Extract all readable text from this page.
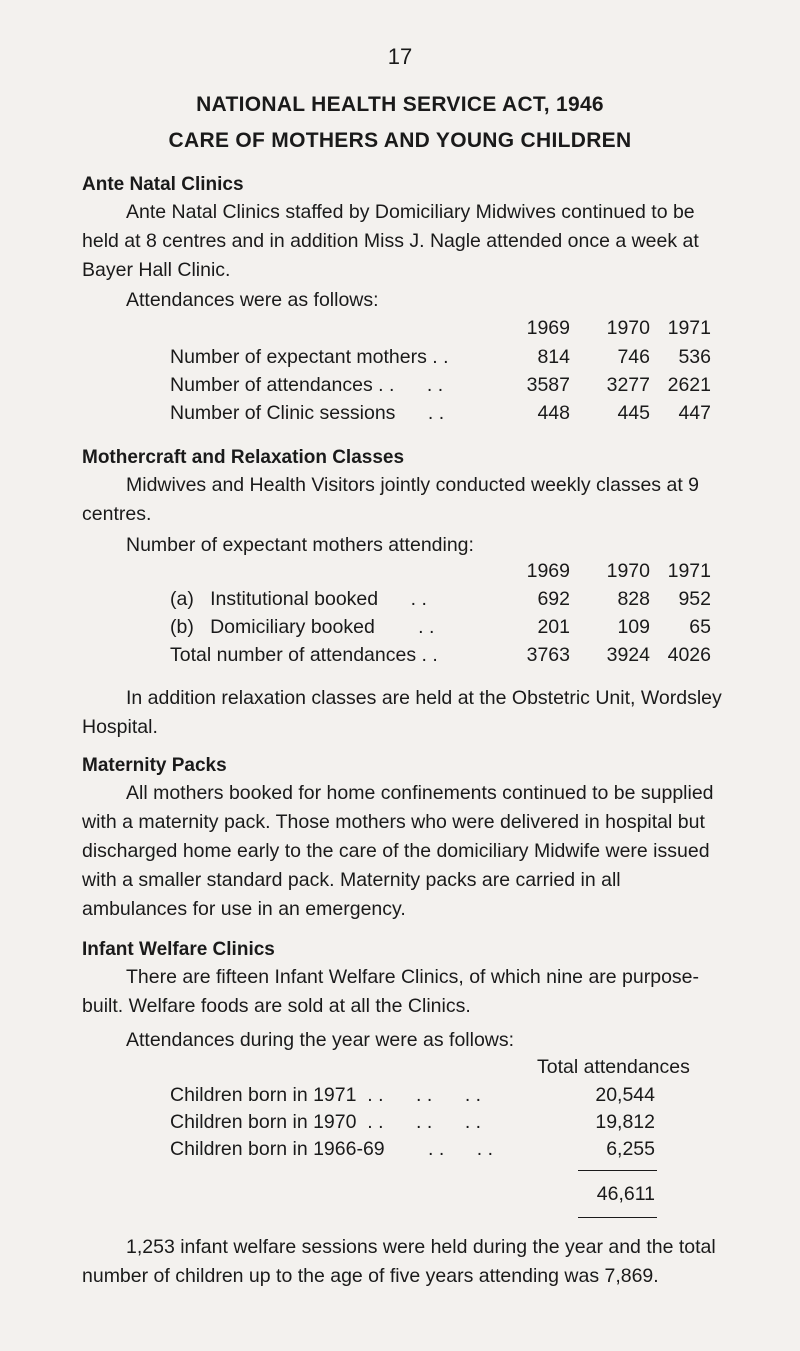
17
NATIONAL HEALTH SERVICE ACT, 1946
CARE OF MOTHERS AND YOUNG CHILDREN
Ante Natal Clinics
Ante Natal Clinics staffed by Domiciliary Midwives continued to be held at 8 centres and in addition Miss J. Nagle attended once a week at Bayer Hall Clinic.
Attendances were as follows:
1969	1970 1971
Number of expectant mothers . .	814	746	536
Number of attendances . .      . .	3587	3277 2621
Number of Clinic sessions      . .	448	445	447
Mothercraft and Relaxation Classes
Midwives and Health Visitors jointly conducted weekly classes at 9 centres.
Number of expectant mothers attending:
1969	1970 1971
(a)   Institutional booked      . .	692	828	952
(b)   Domiciliary booked        . .	201	109	65
Total number of attendances . .	3763	3924 4026
In addition relaxation classes are held at the Obstetric Unit, Wordsley Hospital.
Maternity Packs
All mothers booked for home confinements continued to be supplied with a maternity pack. Those mothers who were delivered in hospital but discharged home early to the care of the domiciliary Midwife were issued with a smaller standard pack. Maternity packs are carried in all ambulances for use in an emergency.
Infant Welfare Clinics
There are fifteen Infant Welfare Clinics, of which nine are purpose-built. Welfare foods are sold at all the Clinics.
Attendances during the year were as follows:
Total attendances
Children born in 1971  . .      . .      . .	20,544
Children born in 1970  . .      . .      . .	19,812
Children born in 1966-69        . .      . .	6,255
46,611
1,253 infant welfare sessions were held during the year and the total number of children up to the age of five years attending was 7,869.
